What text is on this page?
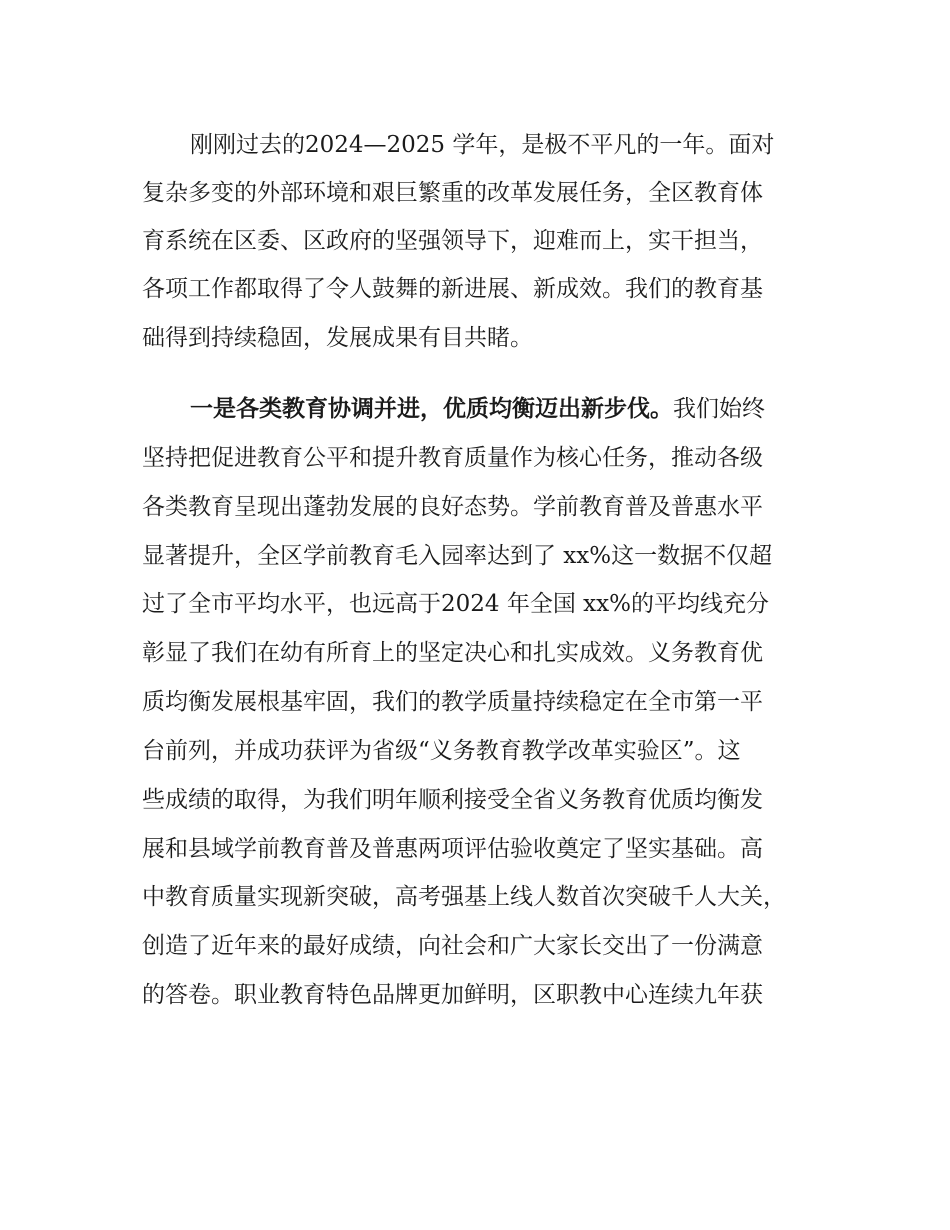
刚刚过去的2024—2025 学年，是极不平凡的一年。面对
复杂多变的外部环境和艰巨繁重的改革发展任务，全区教育体
育系统在区委、区政府的坚强领导下，迎难而上，实干担当，
各项工作都取得了令人鼓舞的新进展、新成效。我们的教育基
础得到持续稳固，发展成果有目共睹。
一是各类教育协调并进，优质均衡迈出新步伐。我们始终
坚持把促进教育公平和提升教育质量作为核心任务，推动各级
各类教育呈现出蓬勃发展的良好态势。学前教育普及普惠水平
显著提升，全区学前教育毛入园率达到了 xx%这一数据不仅超
过了全市平均水平，也远高于2024 年全国 xx%的平均线充分
彰显了我们在幼有所育上的坚定决心和扎实成效。义务教育优
质均衡发展根基牢固，我们的教学质量持续稳定在全市第一平
台前列，并成功获评为省级“义务教育教学改革实验区”。这
些成绩的取得，为我们明年顺利接受全省义务教育优质均衡发
展和县域学前教育普及普惠两项评估验收奠定了坚实基础。高
中教育质量实现新突破，高考强基上线人数首次突破千人大关，
创造了近年来的最好成绩，向社会和广大家长交出了一份满意
的答卷。职业教育特色品牌更加鲜明，区职教中心连续九年获
